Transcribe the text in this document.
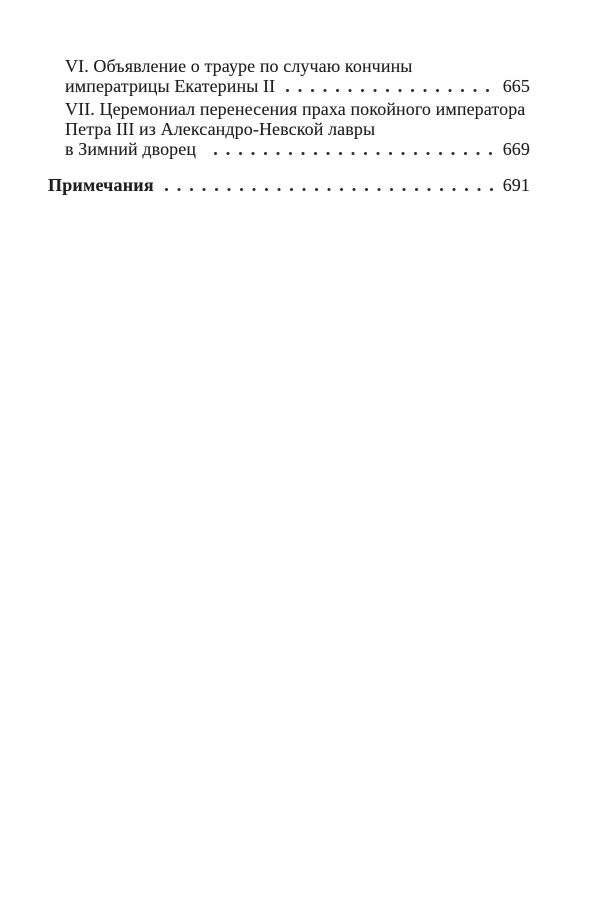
VI. Объявление о трауре по случаю кончины
императрицы Екатерины II	665
VII. Церемониал перенесения праха покойного императора
Петра III из Александро-Невской лавры
в Зимний дворец	669
Примечания	691
